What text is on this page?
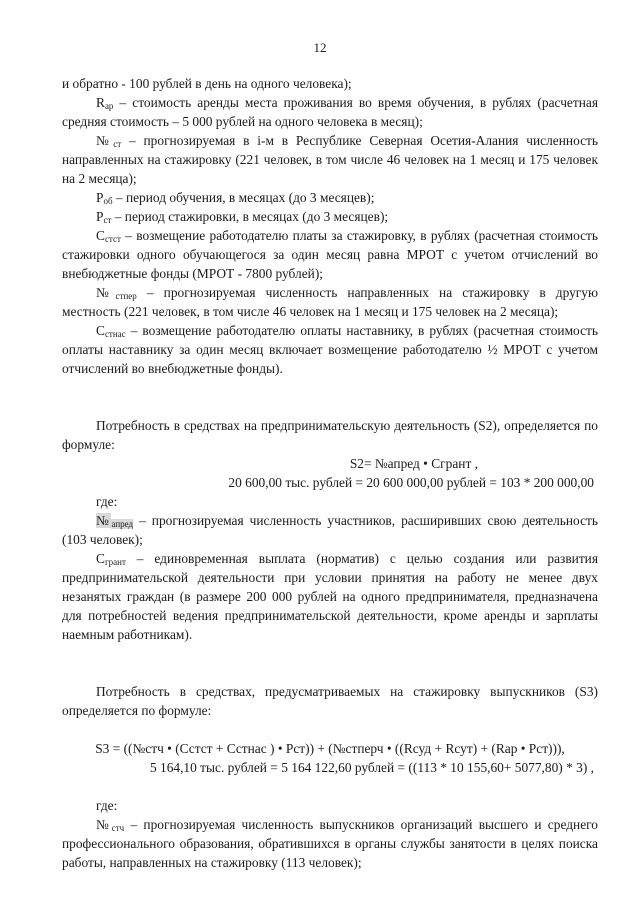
12

и обратно - 100 рублей в день на одного человека);

$R_{ар}$ – стоимость аренды места проживания во время обучения, в рублях (расчетная средняя стоимость – 5 000 рублей на одного человека в месяц);

$№_{ст}$ – прогнозируемая в i-м в Республике Северная Осетия-Алания численность направленных на стажировку (221 человек, в том числе 46 человек на 1 месяц и 175 человек на 2 месяца);

$Р_{об}$ – период обучения, в месяцах (до 3 месяцев);

$Р_{ст}$ – период стажировки, в месяцах (до 3 месяцев);

$С_{стст}$ – возмещение работодателю платы за стажировку, в рублях (расчетная стоимость стажировки одного обучающегося за один месяц равна МРОТ с учетом отчислений во внебюджетные фонды (МРОТ - 7800 рублей);

$№_{стпер}$ – прогнозируемая численность направленных на стажировку в другую местность (221 человек, в том числе 46 человек на 1 месяц и 175 человек на 2 месяца);

$С_{стнас}$ – возмещение работодателю оплаты наставнику, в рублях (расчетная стоимость оплаты наставнику за один месяц включает возмещение работодателю ½ МРОТ с учетом отчислений во внебюджетные фонды).

Потребность в средствах на предпринимательскую деятельность (S2), определяется по формуле:

S2= №апред • Сгрант ,

20 600,00 тыс. рублей = 20 600 000,00 рублей = 103 * 200 000,00

где:

$№_{апред}$ – прогнозируемая численность участников, расширивших свою деятельность (103 человек);

$С_{грант}$ – единовременная выплата (норматив) с целью создания или развития предпринимательской деятельности при условии принятия на работу не менее двух незанятых граждан (в размере 200 000 рублей на одного предпринимателя, предназначена для потребностей ведения предпринимательской деятельности, кроме аренды и зарплаты наемным работникам).

Потребность в средствах, предусматриваемых на стажировку выпускников (S3) определяется по формуле:

S3 = ((№стч • (Сстст + Сстнас ) • Рст)) + (№стперч • ((Rсуд + Rсут) + (Rар • Рст))),

5 164,10 тыс. рублей = 5 164 122,60 рублей = ((113 * 10 155,60+ 5077,80) * 3) ,

где:

$№_{стч}$ – прогнозируемая численность выпускников организаций высшего и среднего профессионального образования, обратившихся в органы службы занятости в целях поиска работы, направленных на стажировку (113 человек);
